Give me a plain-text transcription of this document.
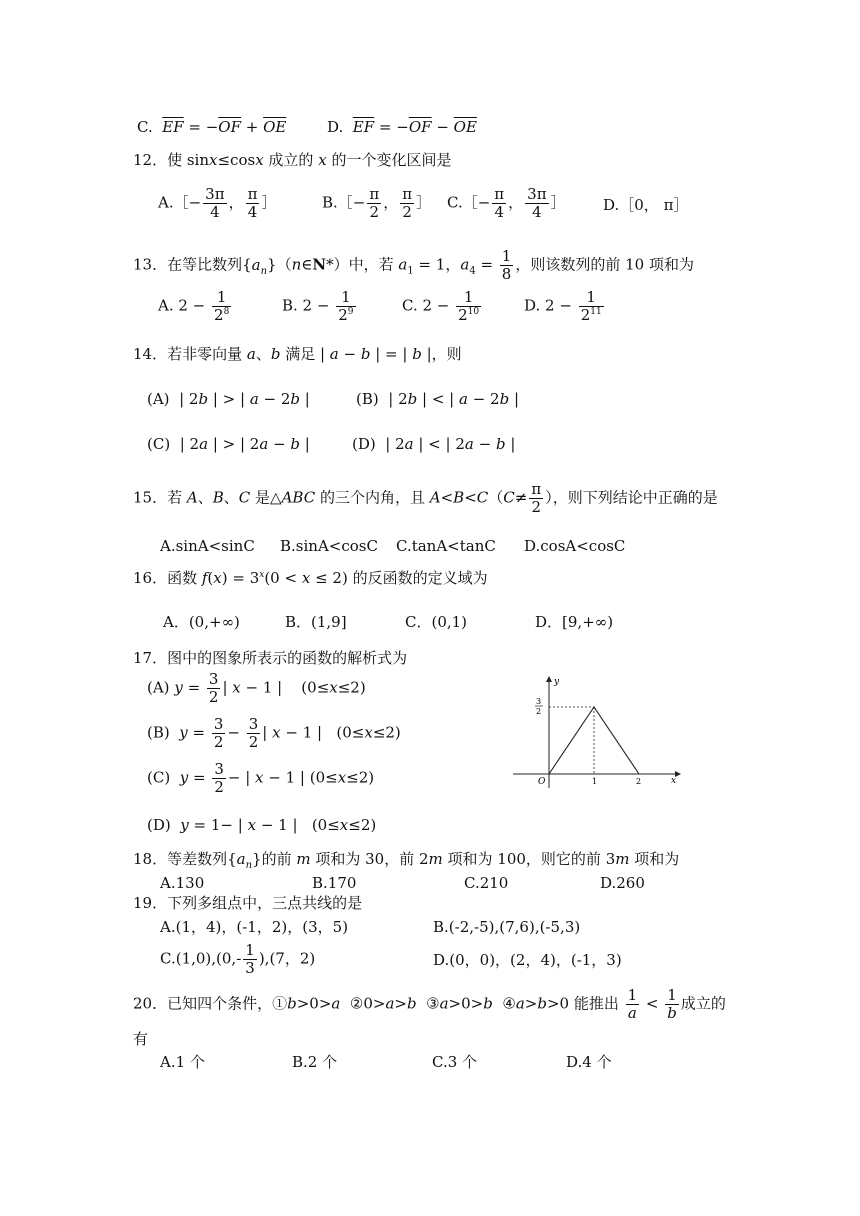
C.  $\overline{EF} = -\overline{OF} + \overline{OE}$	D.  $\overline{EF} = -\overline{OF} - \overline{OE}$
12．使 sinx≤cosx 成立的 x 的一个变化区间是
A.［− $\frac{3\pi}{4}$ ， $\frac{\pi}{4}$ ］	B.［− $\frac{\pi}{2}$ ， $\frac{\pi}{2}$ ］ C.［− $\frac{\pi}{4}$ ， $\frac{3\pi}{4}$ ］ D.［0， π］
13．在等比数列$\{a_n\}(n\in N*)$中，若 $a_1 = 1$，$a_4 = \frac{1}{8}$ ，则该数列的前 10 项和为
A. $2 - \frac{1}{2^8}$	B. $2 - \frac{1}{2^9}$	C. $2 - \frac{1}{2^{10}}$	D. $2 - \frac{1}{2^{11}}$
14．若非零向量 a、b 满足 | a − b | = | b |，则
(A)  | 2b | > | a − 2b |	(B)  | 2b | < | a − 2b |
(C)  | 2a | > | 2a − b |	(D)  | 2a | < | 2a − b |
15．若 A、B、C 是△ABC 的三个内角，且 $A<B<C(C\ne \frac{\pi}{2}$ ），则下列结论中正确的是
A.sinA<sinC B.sinA<cosC C.tanA<tanC D.cosA<cosC
16．函数 $f(x) = 3^x(0 < x \le 2)$ 的反函数的定义域为
A．(0,+∞)	B．(1,9]	C．(0,1)	D．[9,+∞)
17．图中的图象所表示的函数的解析式为
(A) $y = \frac{3}{2}$ | x − 1 |    (0≤x≤2)
(B)  $y = \frac{3}{2} - \frac{3}{2}$ | x − 1 |   (0≤x≤2)
(C)  $y = \frac{3}{2}$ − | x − 1 | (0≤x≤2)
(D)  y = 1− | x − 1 |   (0≤x≤2)
y
x
O	1	2
3
2
18．等差数列$\{a_n\}$的前 m 项和为 30，前 2m 项和为 100，则它的前 3m 项和为
A.130	B.170	C.210	D.260
19．下列多组点中，三点共线的是
A.(1，4)，(-1，2)，(3，5)	B.(-2,-5),(7,6),(-5,3)
$C.(1,0),(0,- \frac{1}{3} ),(7$，2)	D.(0，0)，(2，4)，(-1，3)
20．已知四个条件，①b>0>a  ②0>a>b  ③a>0>b  ④a>b>0 能推出 $\frac{1}{a} < \frac{1}{b}$ 成立的
有
A.1 个	B.2 个	C.3 个	D.4 个
